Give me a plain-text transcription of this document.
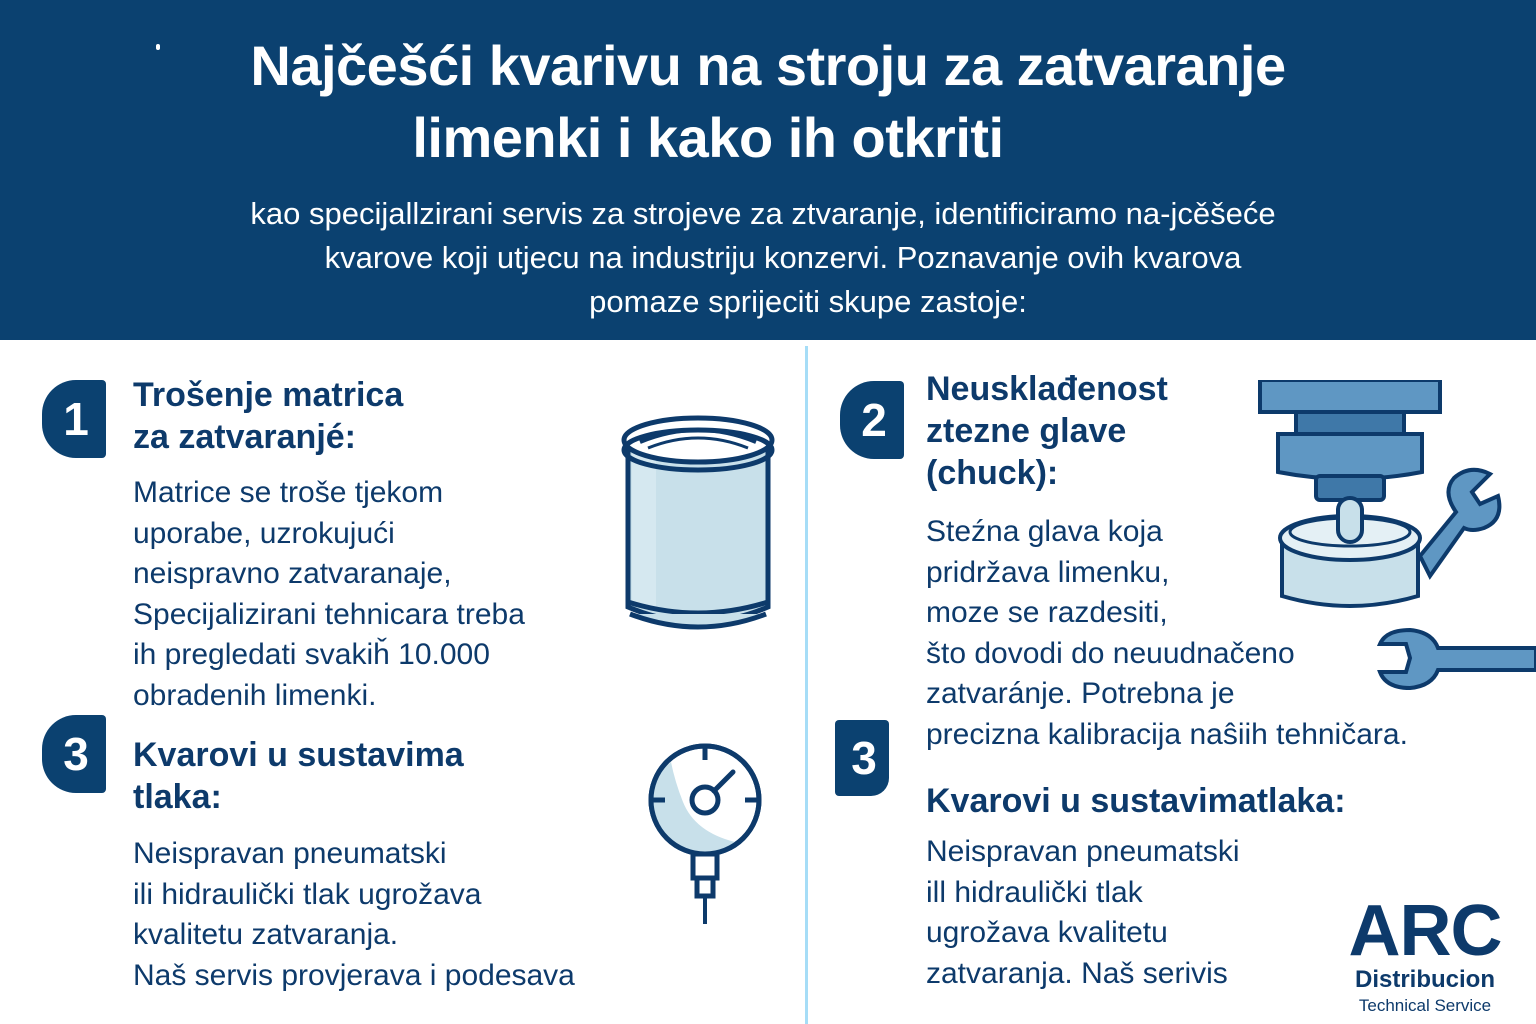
Najčešći kvarivu na stroju za zatvaranje
limenki i kako ih otkriti

kao specijallzirani servis za strojeve za ztvaranje, identificiramo na-jcěšeće
kvarove koji utjecu na industriju konzervi. Poznavanje ovih kvarova
pomaze sprijeciti skupe zastoje:

1	Trošenje matrica
za zatvaranjé:
Matrice se troše tjekom
uporabe, uzrokujući
neispravno zatvaranaje,
Specijalizirani tehnicara treba
ih pregledati svakiȟ 10.000
obradenih limenki.
3	Kvarovi u sustavima
tlaka:
Neispravan pneumatski
ili hidraulički tlak ugrožava
kvalitetu zatvaranja.
Naš servis provjerava i podesava
2
Neusklađenost
ztezne glave
(chuck):
Steźna glava koja
pridržava limenku,
moze se razdesiti,
što dovodi do neuudnačeno
zatvaránje. Potrebna je
precizna kalibracija naŝiih tehničara.
3
Kvarovi u sustavimatlaka:
Neispravan pneumatski
ill hidraulički tlak
ugrožava kvalitetu
zatvaranja. Naš serivis
ARC
Distribucion
Technical Service
